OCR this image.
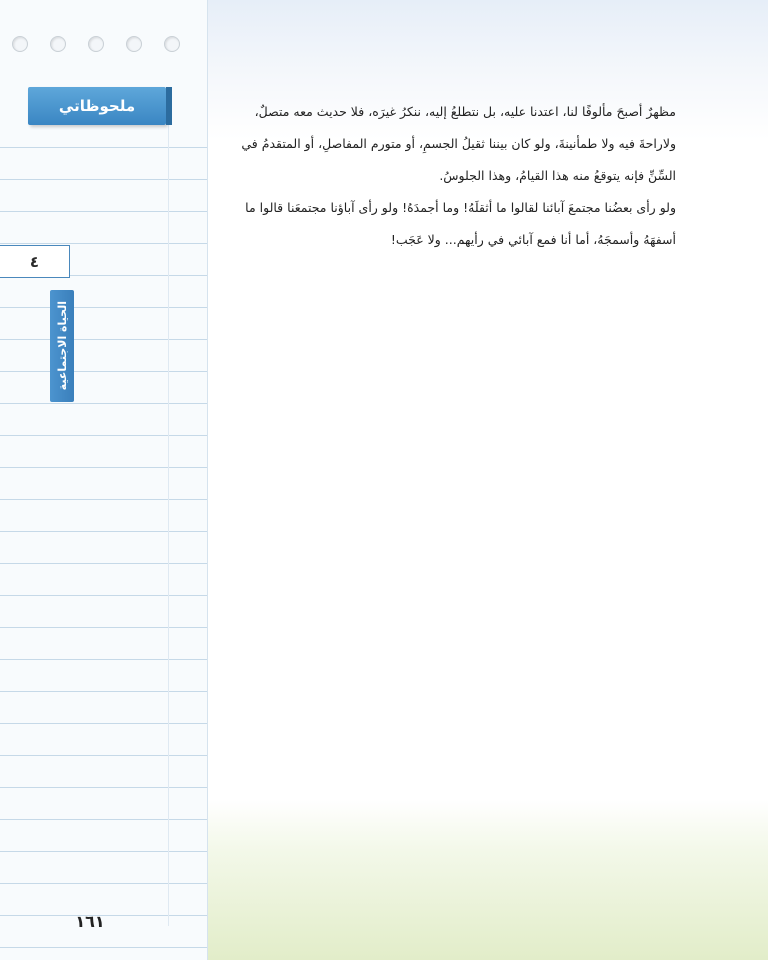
ملحوظاتي
٤
الحياة الاجتماعية
١٦١

مظهرٌ أصبحَ مألوفًا لنا، اعتدنا عليه، بل نتطلعُ إليه، ننكرُ غيرَه، فلا حديث معه متصلٌ، ولاراحةَ فيه ولا طمأنينةَ، ولو كان بيننا ثقيلُ الجسمِ، أو متورم المفاصلِ، أو المتقدمُ في السِّنِّ فإنه يتوقعُ منه هذا القيامُ، وهذا الجلوسُ.

ولو رأى بعضُنا مجتمعَ آبائنا لقالوا ما أثقلَهُ! وما أجمدَهُ! ولو رأى آباؤنا مجتمعَنا قالوا ما أسفهَهُ وأسمجَهُ، أما أنا فمع آبائي في رأيهم... ولا عَجَب!
